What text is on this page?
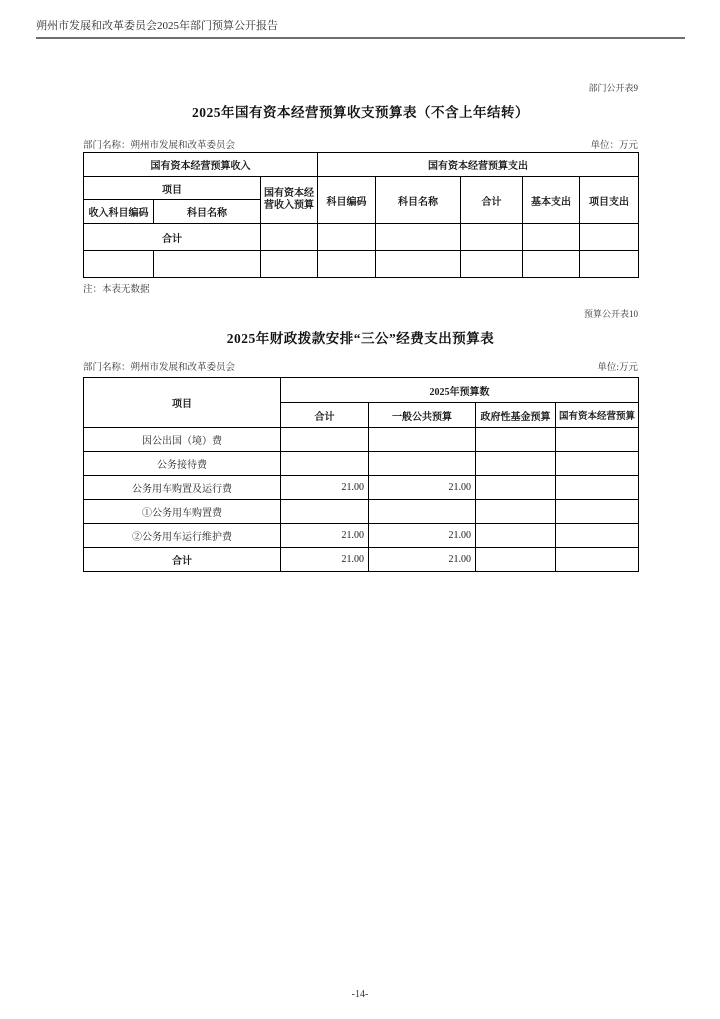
朔州市发展和改革委员会2025年部门预算公开报告
部门公开表9
2025年国有资本经营预算收支预算表（不含上年结转）
部门名称：朔州市发展和改革委员会	单位：万元
国有资本经营预算收入			国有资本经营预算支出				
项目		国有资本经营收入预算	科目编码	科目名称	合计	基本支出	项目支出
收入科目编码	科目名称						
合计							

注：本表无数据
预算公开表10
2025年财政拨款安排“三公”经费支出预算表
部门名称：朔州市发展和改革委员会	单位:万元
项目	2025年预算数			
	合计	一般公共预算	政府性基金预算	国有资本经营预算
因公出国（境）费				
公务接待费				
公务用车购置及运行费	21.00	21.00		
①公务用车购置费				
②公务用车运行维护费	21.00	21.00		
合计	21.00	21.00		
-14-
